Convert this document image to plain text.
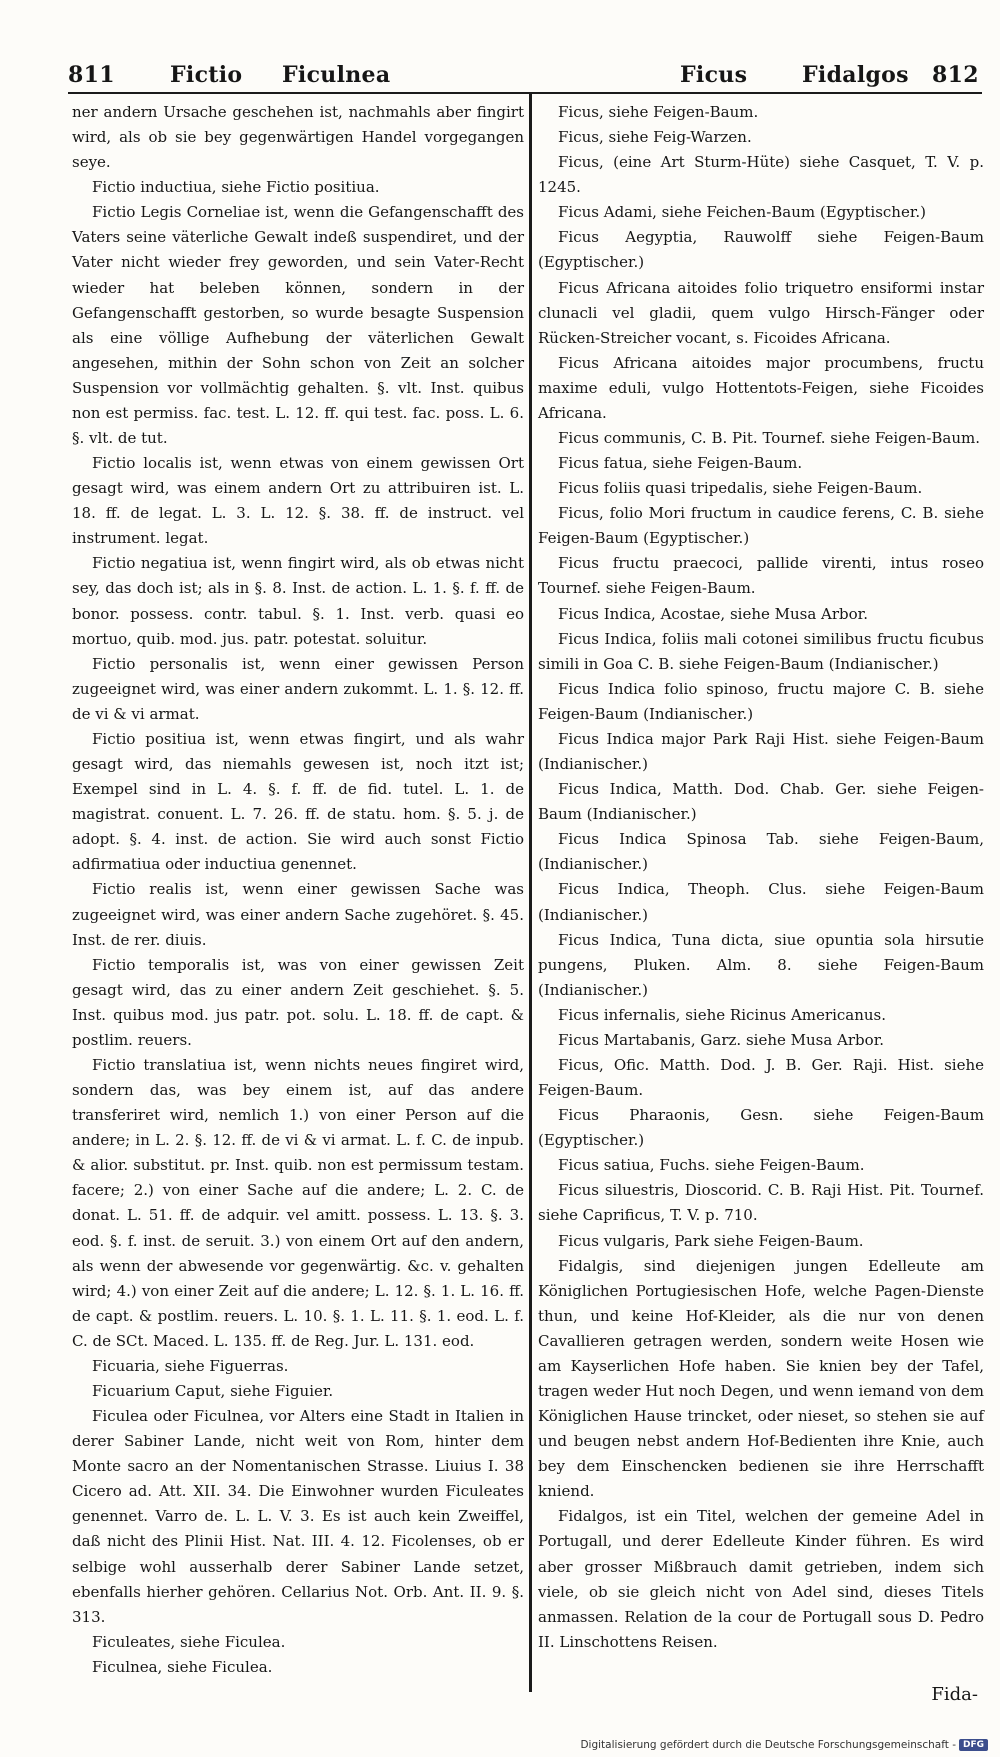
811	Fictio Ficulnea	Ficus Fidalgos 812

ner andern Ursache geschehen ist, nachmahls aber fingirt wird, als ob sie bey gegenwärtigen Handel vorgegangen seye.

Fictio inductiua, siehe Fictio positiua.

Fictio Legis Corneliae ist, wenn die Gefangenschafft des Vaters seine väterliche Gewalt indeß suspendiret, und der Vater nicht wieder frey geworden, und sein Vater-Recht wieder hat beleben können, sondern in der Gefangenschafft gestorben, so wurde besagte Suspension als eine völlige Aufhebung der väterlichen Gewalt angesehen, mithin der Sohn schon von Zeit an solcher Suspension vor vollmächtig gehalten. §. vlt. Inst. quibus non est permiss. fac. test. L. 12. ff. qui test. fac. poss. L. 6. §. vlt. de tut.

Fictio localis ist, wenn etwas von einem gewissen Ort gesagt wird, was einem andern Ort zu attribuiren ist. L. 18. ff. de legat. L. 3. L. 12. §. 38. ff. de instruct. vel instrument. legat.

Fictio negatiua ist, wenn fingirt wird, als ob etwas nicht sey, das doch ist; als in §. 8. Inst. de action. L. 1. §. f. ff. de bonor. possess. contr. tabul. §. 1. Inst. verb. quasi eo mortuo, quib. mod. jus. patr. potestat. soluitur.

Fictio personalis ist, wenn einer gewissen Person zugeeignet wird, was einer andern zukommt. L. 1. §. 12. ff. de vi & vi armat.

Fictio positiua ist, wenn etwas fingirt, und als wahr gesagt wird, das niemahls gewesen ist, noch itzt ist; Exempel sind in L. 4. §. f. ff. de fid. tutel. L. 1. de magistrat. conuent. L. 7. 26. ff. de statu. hom. §. 5. j. de adopt. §. 4. inst. de action. Sie wird auch sonst Fictio adfirmatiua oder inductiua genennet.

Fictio realis ist, wenn einer gewissen Sache was zugeeignet wird, was einer andern Sache zugehöret. §. 45. Inst. de rer. diuis.

Fictio temporalis ist, was von einer gewissen Zeit gesagt wird, das zu einer andern Zeit geschiehet. §. 5. Inst. quibus mod. jus patr. pot. solu. L. 18. ff. de capt. & postlim. reuers.

Fictio translatiua ist, wenn nichts neues fingiret wird, sondern das, was bey einem ist, auf das andere transferiret wird, nemlich 1.) von einer Person auf die andere; in L. 2. §. 12. ff. de vi & vi armat. L. f. C. de inpub. & alior. substitut. pr. Inst. quib. non est permissum testam. facere; 2.) von einer Sache auf die andere; L. 2. C. de donat. L. 51. ff. de adquir. vel amitt. possess. L. 13. §. 3. eod. §. f. inst. de seruit. 3.) von einem Ort auf den andern, als wenn der abwesende vor gegenwärtig. &c. v. gehalten wird; 4.) von einer Zeit auf die andere; L. 12. §. 1. L. 16. ff. de capt. & postlim. reuers. L. 10. §. 1. L. 11. §. 1. eod. L. f. C. de SCt. Maced. L. 135. ff. de Reg. Jur. L. 131. eod.

Ficuaria, siehe Figuerras.

Ficuarium Caput, siehe Figuier.

Ficulea oder Ficulnea, vor Alters eine Stadt in Italien in derer Sabiner Lande, nicht weit von Rom, hinter dem Monte sacro an der Nomentanischen Strasse. Liuius I. 38 Cicero ad. Att. XII. 34. Die Einwohner wurden Ficuleates genennet. Varro de. L. L. V. 3. Es ist auch kein Zweiffel, daß nicht des Plinii Hist. Nat. III. 4. 12. Ficolenses, ob er selbige wohl ausserhalb derer Sabiner Lande setzet, ebenfalls hierher gehören. Cellarius Not. Orb. Ant. II. 9. §. 313.

Ficuleates, siehe Ficulea.

Ficulnea, siehe Ficulea.

Ficus, siehe Feigen-Baum.

Ficus, siehe Feig-Warzen.

Ficus, (eine Art Sturm-Hüte) siehe Casquet, T. V. p. 1245.

Ficus Adami, siehe Feichen-Baum (Egyptischer.)

Ficus Aegyptia, Rauwolff siehe Feigen-Baum (Egyptischer.)

Ficus Africana aitoides folio triquetro ensiformi instar clunacli vel gladii, quem vulgo Hirsch-Fänger oder Rücken-Streicher vocant, s. Ficoides Africana.

Ficus Africana aitoides major procumbens, fructu maxime eduli, vulgo Hottentots-Feigen, siehe Ficoides Africana.

Ficus communis, C. B. Pit. Tournef. siehe Feigen-Baum.

Ficus fatua, siehe Feigen-Baum.

Ficus foliis quasi tripedalis, siehe Feigen-Baum.

Ficus, folio Mori fructum in caudice ferens, C. B. siehe Feigen-Baum (Egyptischer.)

Ficus fructu praecoci, pallide virenti, intus roseo Tournef. siehe Feigen-Baum.

Ficus Indica, Acostae, siehe Musa Arbor.

Ficus Indica, foliis mali cotonei similibus fructu ficubus simili in Goa C. B. siehe Feigen-Baum (Indianischer.)

Ficus Indica folio spinoso, fructu majore C. B. siehe Feigen-Baum (Indianischer.)

Ficus Indica major Park Raji Hist. siehe Feigen-Baum (Indianischer.)

Ficus Indica, Matth. Dod. Chab. Ger. siehe Feigen-Baum (Indianischer.)

Ficus Indica Spinosa Tab. siehe Feigen-Baum, (Indianischer.)

Ficus Indica, Theoph. Clus. siehe Feigen-Baum (Indianischer.)

Ficus Indica, Tuna dicta, siue opuntia sola hirsutie pungens, Pluken. Alm. 8. siehe Feigen-Baum (Indianischer.)

Ficus infernalis, siehe Ricinus Americanus.

Ficus Martabanis, Garz. siehe Musa Arbor.

Ficus, Ofic. Matth. Dod. J. B. Ger. Raji. Hist. siehe Feigen-Baum.

Ficus Pharaonis, Gesn. siehe Feigen-Baum (Egyptischer.)

Ficus satiua, Fuchs. siehe Feigen-Baum.

Ficus siluestris, Dioscorid. C. B. Raji Hist. Pit. Tournef. siehe Caprificus, T. V. p. 710.

Ficus vulgaris, Park siehe Feigen-Baum.

Fidalgis, sind diejenigen jungen Edelleute am Königlichen Portugiesischen Hofe, welche Pagen-Dienste thun, und keine Hof-Kleider, als die nur von denen Cavallieren getragen werden, sondern weite Hosen wie am Kayserlichen Hofe haben. Sie knien bey der Tafel, tragen weder Hut noch Degen, und wenn iemand von dem Königlichen Hause trincket, oder nieset, so stehen sie auf und beugen nebst andern Hof-Bedienten ihre Knie, auch bey dem Einschencken bedienen sie ihre Herrschafft kniend.

Fidalgos, ist ein Titel, welchen der gemeine Adel in Portugall, und derer Edelleute Kinder führen. Es wird aber grosser Mißbrauch damit getrieben, indem sich viele, ob sie gleich nicht von Adel sind, dieses Titels anmassen. Relation de la cour de Portugall sous D. Pedro II. Linschottens Reisen.

Fida-
Digitalisierung gefördert durch die Deutsche Forschungsgemeinschaft - DFG
